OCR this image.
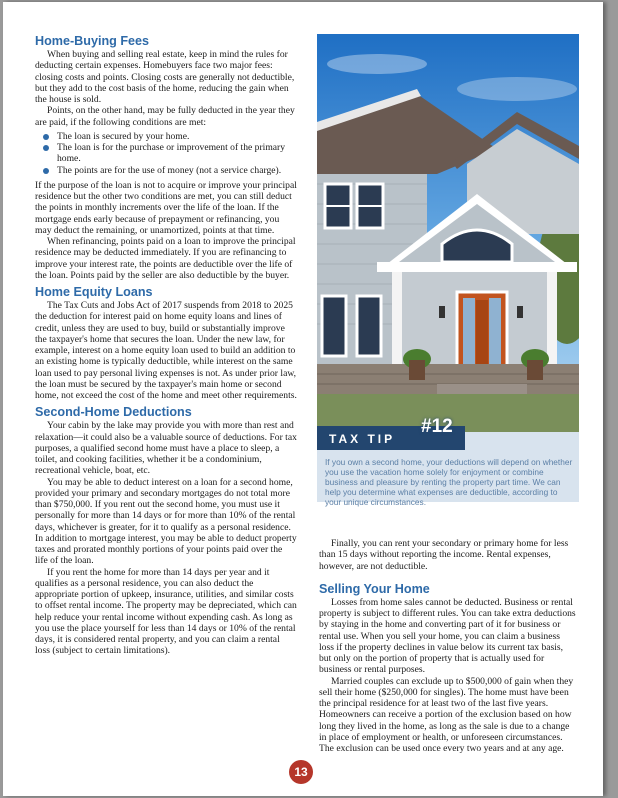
Home-Buying Fees

When buying and selling real estate, keep in mind the rules for deducting certain expenses. Homebuyers face two major fees: closing costs and points. Closing costs are generally not deductible, but they add to the cost basis of the home, reducing the gain when the house is sold.

Points, on the other hand, may be fully deducted in the year they are paid, if the following conditions are met:

The loan is secured by your home.
The loan is for the purchase or improvement of the primary home.
The points are for the use of money (not a service charge).

If the purpose of the loan is not to acquire or improve your principal residence but the other two conditions are met, you can still deduct the points in monthly increments over the life of the loan. If the mortgage ends early because of prepayment or refinancing, you may deduct the remaining, or unamortized, points at that time.

When refinancing, points paid on a loan to improve the principal residence may be deducted immediately. If you are refinancing to improve your interest rate, the points are deductible over the life of the loan. Points paid by the seller are also deductible by the buyer.

Home Equity Loans

The Tax Cuts and Jobs Act of 2017 suspends from 2018 to 2025 the deduction for interest paid on home equity loans and lines of credit, unless they are used to buy, build or substantially improve the taxpayer's home that secures the loan. Under the new law, for example, interest on a home equity loan used to build an addition to an existing home is typically deductible, while interest on the same loan used to pay personal living expenses is not. As under prior law, the loan must be secured by the taxpayer's main home or second home, not exceed the cost of the home and meet other requirements.

Second-Home Deductions

Your cabin by the lake may provide you with more than rest and relaxation—it could also be a valuable source of deductions. For tax purposes, a qualified second home must have a place to sleep, a toilet, and cooking facilities, whether it be a condominium, recreational vehicle, boat, etc.

You may be able to deduct interest on a loan for a second home, provided your primary and secondary mortgages do not total more than $750,000. If you rent out the second home, you must use it personally for more than 14 days or for more than 10% of the rental days, whichever is greater, for it to qualify as a personal residence. In addition to mortgage interest, you may be able to deduct property taxes and prorated monthly portions of your points paid over the life of the loan.

If you rent the home for more than 14 days per year and it qualifies as a personal residence, you can also deduct the appropriate portion of upkeep, insurance, utilities, and similar costs to offset rental income. The property may be depreciated, which can help reduce your rental income without expending cash. As long as you use the place yourself for less than 14 days or 10% of the rental days, it is considered rental property, and you can claim a rental loss (subject to certain limitations).

TAX TIP
#12
If you own a second home, your deductions will depend on whether you use the vacation home solely for enjoyment or combine business and pleasure by renting the property part time. We can help you determine what expenses are deductible, according to your unique circumstances.

Finally, you can rent your secondary or primary home for less than 15 days without reporting the income. Rental expenses, however, are not deductible.

Selling Your Home

Losses from home sales cannot be deducted. Business or rental property is subject to different rules. You can take extra deductions by staying in the home and converting part of it for business or rental use. When you sell your home, you can claim a business loss if the property declines in value below its current tax basis, but only on the portion of property that is actually used for business or rental purposes.

Married couples can exclude up to $500,000 of gain when they sell their home ($250,000 for singles). The home must have been the principal residence for at least two of the last five years. Homeowners can receive a portion of the exclusion based on how long they lived in the home, as long as the sale is due to a change in place of employment or health, or unforeseen circumstances. The exclusion can be used once every two years and at any age.

13
